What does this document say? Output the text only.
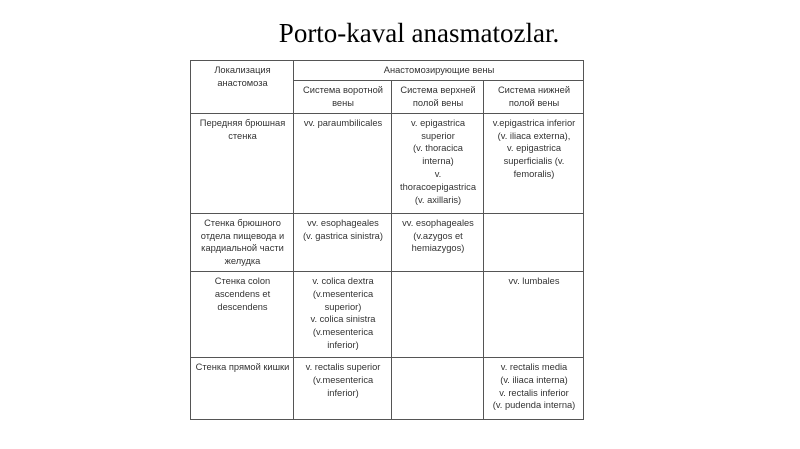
Porto-kaval anasmatozlar.
Локализация анастомоза	Анастомозирующие вены		
	Система воротной вены	Система верхней полой вены	Система нижней полой вены
Передняя брюшная стенка	vv. paraumbilicales	v. epigastrica superior
(v. thoracica interna)
v. thoracoepigastrica
(v. axillaris)	v.epigastrica inferior
(v. iliaca externa),
v. epigastrica superficialis (v. femoralis)

Стенка брюшного отдела пищевода и кардиальной части желудка	vv. esophageales
(v. gastrica sinistra)	vv. esophageales
(v.azygos et hemiazygos)	

Стенка colon ascendens et descendens	v. colica dextra
(v.mesenterica superior)
v. colica sinistra
(v.mesenterica inferior)		vv. lumbales

Стенка прямой кишки	v. rectalis superior
(v.mesenterica inferior)		v. rectalis media
(v. iliaca interna)
v. rectalis inferior
(v. pudenda interna)
